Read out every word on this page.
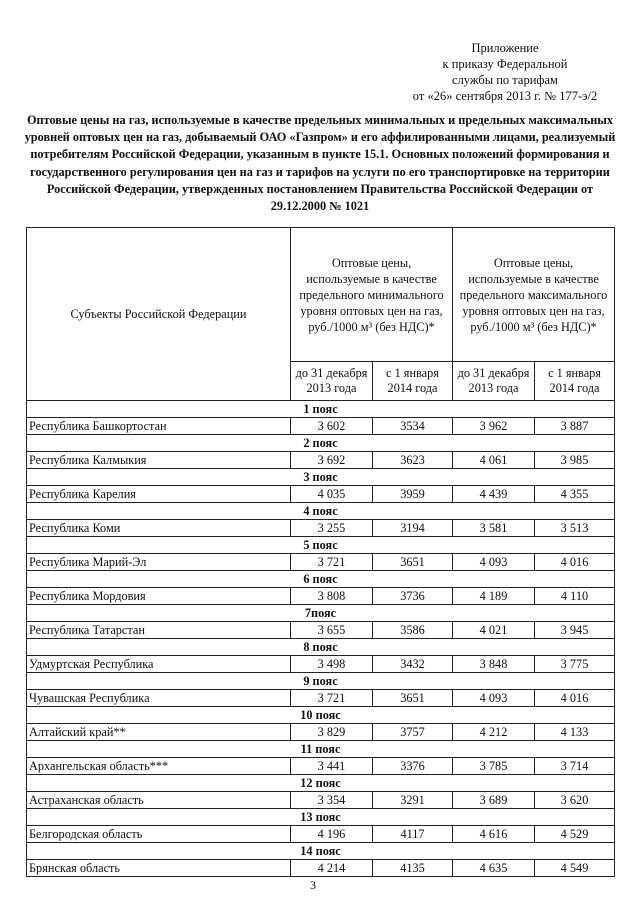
Приложение
к приказу Федеральной
службы по тарифам
от «26» сентября 2013 г. № 177-э/2
Оптовые цены на газ, используемые в качестве предельных минимальных и предельных максимальных уровней оптовых цен на газ, добываемый ОАО «Газпром» и его аффилированными лицами, реализуемый потребителям Российской Федерации, указанным в пункте 15.1. Основных положений формирования и государственного регулирования цен на газ и тарифов на услуги по его транспортировке на территории Российской Федерации, утвержденных постановлением Правительства Российской Федерации от 29.12.2000 № 1021
Субъекты Российской Федерации	Оптовые цены, используемые в качестве предельного минимального уровня оптовых цен на газ, руб./1000 м³ (без НДС)*		Оптовые цены, используемые в качестве предельного максимального уровня оптовых цен на газ, руб./1000 м³ (без НДС)*	
	до 31 декабря 2013 года	с 1 января 2014 года	до 31 декабря 2013 года	с 1 января 2014 года
1 пояс				
Республика Башкортостан	3 602	3534	3 962	3 887
2 пояс				
Республика Калмыкия	3 692	3623	4 061	3 985
3 пояс				
Республика Карелия	4 035	3959	4 439	4 355
4 пояс				
Республика Коми	3 255	3194	3 581	3 513
5 пояс				
Республика Марий-Эл	3 721	3651	4 093	4 016
6 пояс				
Республика Мордовия	3 808	3736	4 189	4 110
7пояс				
Республика Татарстан	3 655	3586	4 021	3 945
8 пояс				
Удмуртская Республика	3 498	3432	3 848	3 775
9 пояс				
Чувашская Республика	3 721	3651	4 093	4 016
10 пояс				
Алтайский край**	3 829	3757	4 212	4 133
11 пояс				
Архангельская область***	3 441	3376	3 785	3 714
12 пояс				
Астраханская область	3 354	3291	3 689	3 620
13 пояс				
Белгородская область	4 196	4117	4 616	4 529
14 пояс				
Брянская область	4 214	4135	4 635	4 549
3
